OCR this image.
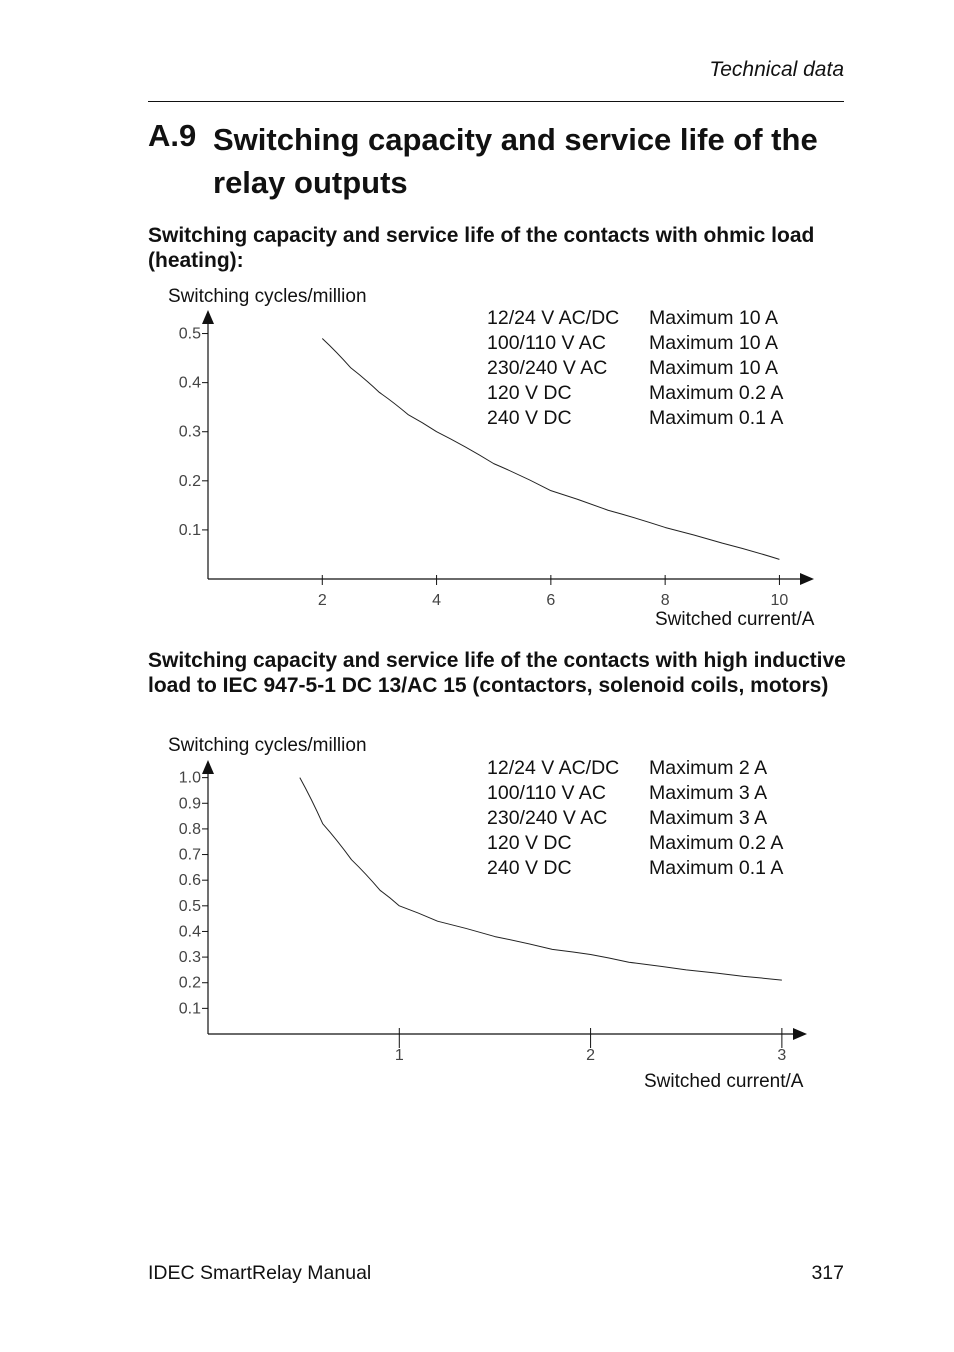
Technical data
A.9 Switching capacity and service life of the relay outputs
Switching capacity and service life of the contacts with ohmic load (heating):
Switching cycles/million
12/24 V AC/DC	Maximum 10 A
100/110 V AC	Maximum 10 A
230/240 V AC	Maximum 10 A
120 V DC	Maximum 0.2 A
240 V DC	Maximum 0.1 A
0.1
0.2
0.3
0.4
0.5
2	4	6	8	10
Switched current/A
Switching capacity and service life of the contacts with high inductive load to IEC 947-5-1 DC 13/AC 15 (contactors, solenoid coils, motors)
Switching cycles/million
12/24 V AC/DC	Maximum 2 A
100/110 V AC	Maximum 3 A
230/240 V AC	Maximum 3 A
120 V DC	Maximum 0.2 A
240 V DC	Maximum 0.1 A
0.1
0.2
0.3
0.4
0.5
0.6
0.7
0.8
0.9
1.0
1	2	3
Switched current/A
IDEC SmartRelay Manual	317
